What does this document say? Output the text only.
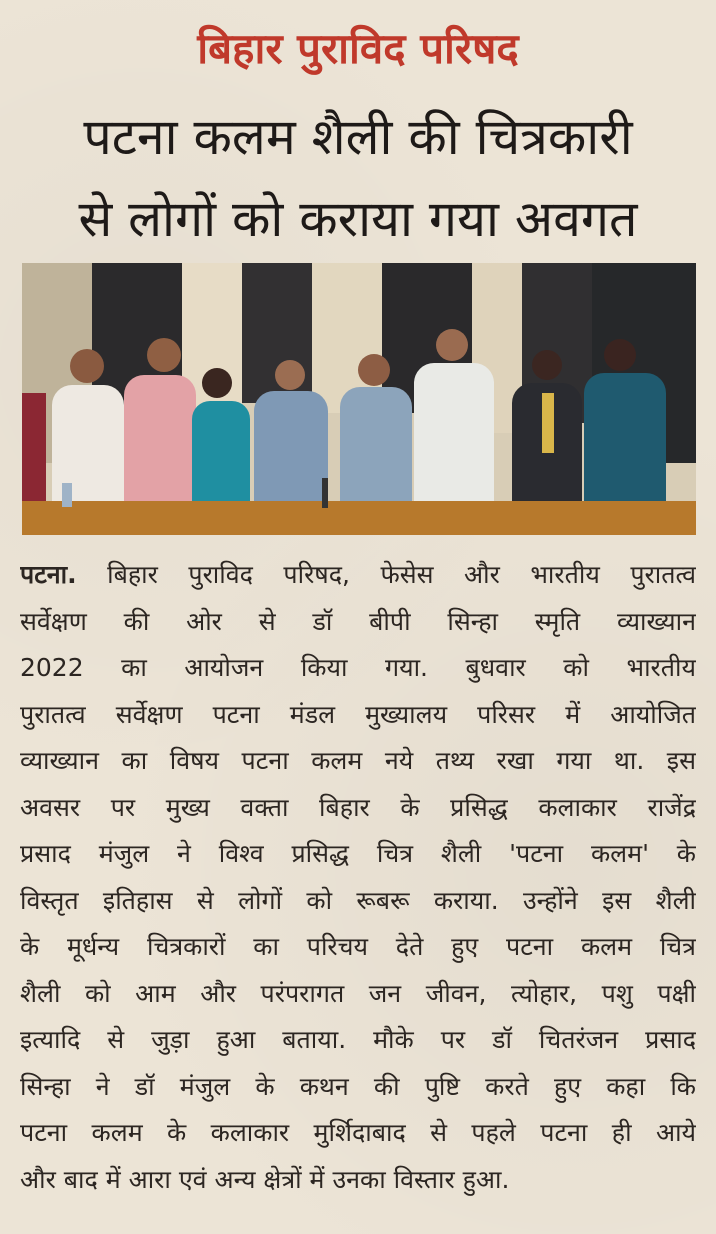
बिहार पुराविद परिषद
पटना कलम शैली की चित्रकारी
से लोगों को कराया गया अवगत
पटना. बिहार पुराविद परिषद, फेसेस और भारतीय पुरातत्व
सर्वेक्षण की ओर से डॉ बीपी सिन्हा स्मृति व्याख्यान
2022 का आयोजन किया गया. बुधवार को भारतीय
पुरातत्व सर्वेक्षण पटना मंडल मुख्यालय परिसर में आयोजित
व्याख्यान का विषय पटना कलम नये तथ्य रखा गया था. इस
अवसर पर मुख्य वक्ता बिहार के प्रसिद्ध कलाकार राजेंद्र
प्रसाद मंजुल ने विश्व प्रसिद्ध चित्र शैली 'पटना कलम' के
विस्तृत इतिहास से लोगों को रूबरू कराया. उन्होंने इस शैली
के मूर्धन्य चित्रकारों का परिचय देते हुए पटना कलम चित्र
शैली को आम और परंपरागत जन जीवन, त्योहार, पशु पक्षी
इत्यादि से जुड़ा हुआ बताया. मौके पर डॉ चितरंजन प्रसाद
सिन्हा ने डॉ मंजुल के कथन की पुष्टि करते हुए कहा कि
पटना कलम के कलाकार मुर्शिदाबाद से पहले पटना ही आये
और बाद में आरा एवं अन्य क्षेत्रों में उनका विस्तार हुआ.
